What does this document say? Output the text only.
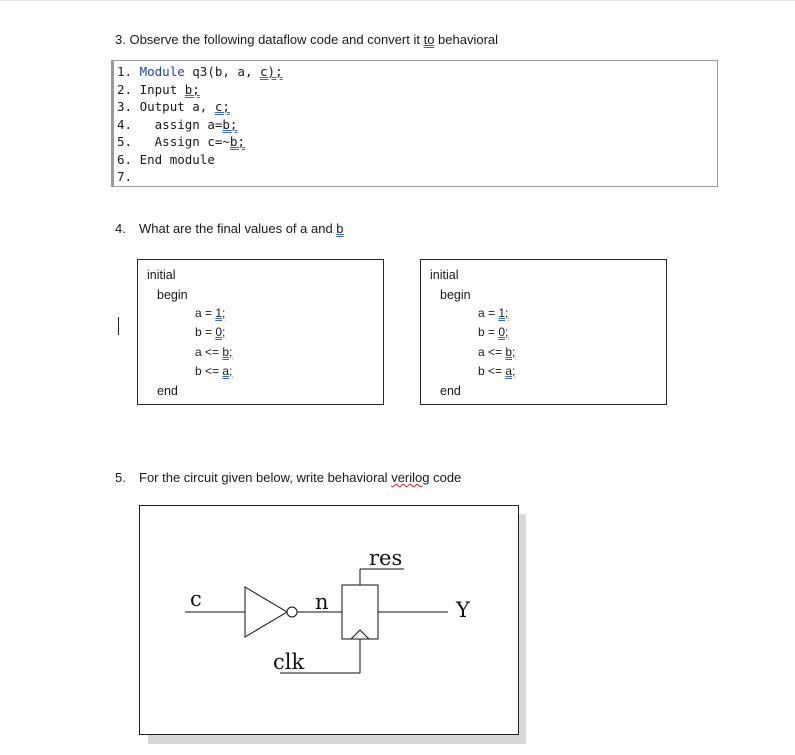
3. Observe the following dataflow code and convert it to behavioral
1. Module q3(b, a, c);
2. Input b;
3. Output a, c;
4.   assign a=b;
5.   Assign c=~b;
6. End module
7.
4. What are the final values of a and b
initial
begin
a = 1;
b = 0;
a <= b;
b <= a;
end
initial
begin
a = 1;
b = 0;
a <= b;
b <= a;
end
5. For the circuit given below, write behavioral verilog code
c	n
res
Y
clk
